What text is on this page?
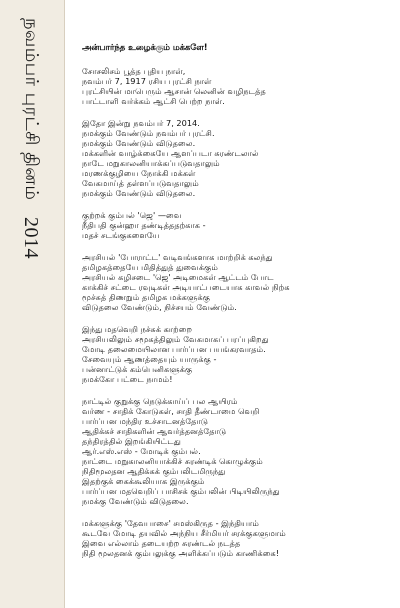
நவம்பர் புரட்சி தினம் 2014
அன்பார்ந்த உழைக்கும் மக்களே!
சோசலிசம் பூத்த புதிய நாள்,
நவம்பர் 7, 1917 ரசிய புரட்சி நாள்
புரட்சியின் மாபெரும் ஆசான் லெனின் வழிநடத்த
பாட்டாளி வர்க்கம் ஆட்சி பெற்ற நாள்.
இதோ இன்று நவம்பர் 7, 2014.
நமக்கும் வேண்டும் நவம்பர் புரட்சி.
நமக்கும் வேண்டும் விடுதலை.
மக்களின் வாழ்க்கையே ஆளப்படா சுரண்டலால்
நாடே மறுகாலனியாக்கப்படுவதாலும்
மரணக்குழியை நோக்கி மக்கள்
வேகமாய்த் தள்ளப்படுவதாலும்
நமக்கும் வேண்டும் விடுதலை.
குற்றக் கும்பல் 'ஜெ' —வை
நீதிபதி குன்ஹா தண்டித்ததற்காக -
மதச் சடங்குகளையே
அரசியல் 'போராட்ட' வடிவங்களாக மாற்றிக் கலந்து
தமிழகத்தையே மிதித்துத் துவைக்கும்
அரசியல் கழிசடை 'ஜெ' அடிமைகள் ஆட்டம் போட
காக்கிச் சட்டை ரவுடிகள் அடியாட்படையாக காவல் நிற்க
மூச்சுத் திணறும் தமிழக மக்களுக்கு
விடுதலை வேண்டும், நிச்சயம் வேண்டும்.
இந்து மதவெறி நச்சுக் காற்றை
அரசியலிலும் சமூகத்திலும் வேகமாகப் பரப்புகிறது
மோடி தலைமையிலான பார்ப்பன பயங்கரவாதம்.
சேவையும் ஆணத்தையும் யாருக்கு -
பன்னாட்டுக் கம்பெனிகளுக்கு
நமக்கோ பட்டை நாமம்!
நாட்டில் குறுக்கு நெடுக்காய்ப் பல ஆயிரம்
வர்ண - சாதிக் கோடுகள், சாதி தீண்டாமை வெறி
பார்ப்பன மந்திர உச்சாடனத்தோடு
ஆதிக்கச் சாதிகளின் ஆவர்த்தனத்தோடு
தந்திரத்தில் இறங்கியிட்டது
ஆர்.எஸ்.எஸ் - மோடிக் கும்பல்.
நாட்டை மறுகாலனியாக்கிச் சுரண்டிக் கொழுக்கும்
நிதிமூலதன ஆதிக்கக் கும்பலிடமிருந்து
இதற்குக் கைக்கூலியாக இருக்கும்
பார்ப்பன மதவெறிப் பாசிசக் கும்பலின் பிடியிலிருந்து
நமக்கு வேண்டும் விடுதலை.
மக்களுக்கு 'தேவபாசை' சமஸ்கிருத - இந்தியாம்
கூடவே மோடி தயவில் அந்நிய சீர்மியர் சரக்குகளுமாம்
இவை எல்லாம் தடையற்ற சுரண்டல் நடத்த
நிதி மூலதனக் கும்பலுக்கு அளிக்கப்படும் காணிக்கை!
